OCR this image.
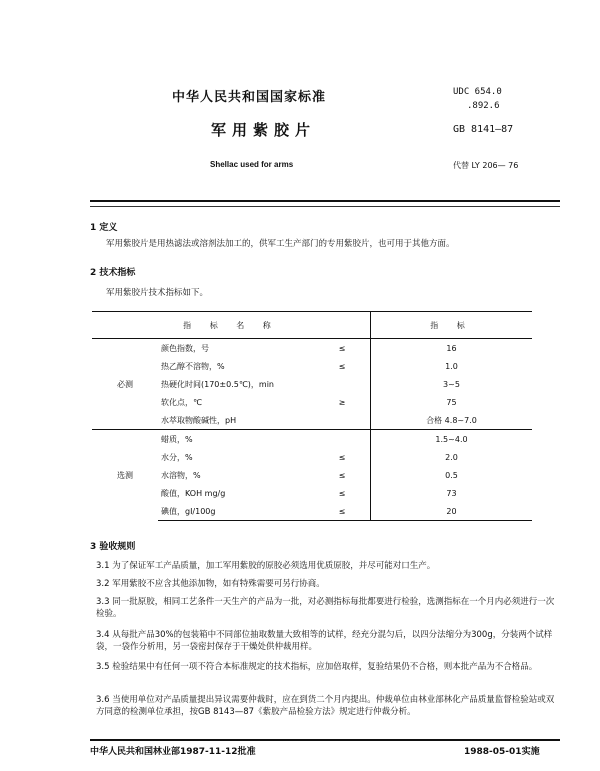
中华人民共和国国家标准	UDC 654.0
.892.6
军用紫胶片	GB 8141—87
Shellac used for arms	代替 LY 206— 76
1 定义
军用紫胶片是用热滤法或溶剂法加工的，供军工生产部门的专用紫胶片，也可用于其他方面。
2 技术指标
军用紫胶片技术指标如下。
指 标 名 称			指 标
必测	颜色指数，号	≤	16
	热乙醇不溶物，%	≤	1.0
	热硬化时间(170±0.5℃)，min		3~5
	软化点，℃	≥	75
	水萃取物酸碱性，pH		合格 4.8~7.0
选测	蜡质，%		1.5~4.0
	水分，%	≤	2.0
	水溶物，%	≤	0.5
	酸值，KOH mg/g	≤	73
	碘值，gI/100g	≤	20
3 验收规则
3.1 为了保证军工产品质量，加工军用紫胶的原胶必须选用优质原胶，并尽可能对口生产。
3.2 军用紫胶不应含其他添加物，如有特殊需要可另行协商。
3.3 同一批原胶，相同工艺条件一天生产的产品为一批，对必测指标每批都要进行检验，选测指标在一个月内必须进行一次检验。
3.4 从每批产品30%的包装箱中不同部位抽取数量大致相等的试样，经充分混匀后，以四分法缩分为300g，分装两个试样袋，一袋作分析用，另一袋密封保存于干燥处供仲裁用样。
3.5 检验结果中有任何一项不符合本标准规定的技术指标，应加倍取样，复验结果仍不合格，则本批产品为不合格品。
3.6 当使用单位对产品质量提出异议需要仲裁时，应在到货二个月内提出。仲裁单位由林业部林化产品质量监督检验站或双方同意的检测单位承担，按GB 8143—87《紫胶产品检验方法》规定进行仲裁分析。
中华人民共和国林业部1987-11-12批准	1988-05-01实施
